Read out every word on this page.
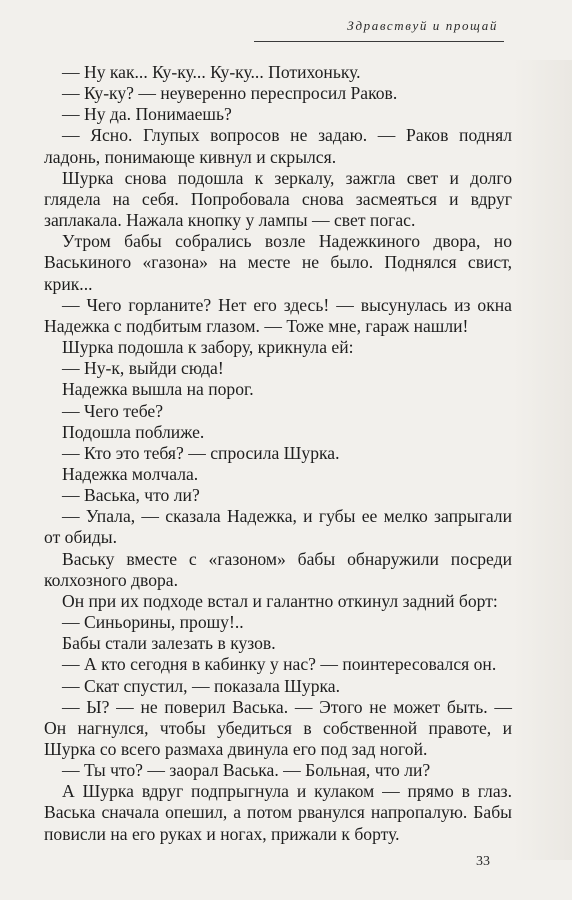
Здравствуй и прощай

— Ну как... Ку-ку... Ку-ку... Потихоньку.

— Ку-ку? — неуверенно переспросил Раков.

— Ну да. Понимаешь?

— Ясно. Глупых вопросов не задаю. — Раков поднял ладонь, понимающе кивнул и скрылся.

Шурка снова подошла к зеркалу, зажгла свет и долго глядела на себя. Попробовала снова засмеяться и вдруг заплакала. Нажала кнопку у лампы — свет погас.

Утром бабы собрались возле Надежкиного двора, но Васькиного «газона» на месте не было. Поднялся свист, крик...

— Чего горланите? Нет его здесь! — высунулась из окна Надежка с подбитым глазом. — Тоже мне, гараж нашли!

Шурка подошла к забору, крикнула ей:

— Ну-к, выйди сюда!

Надежка вышла на порог.

— Чего тебе?

Подошла поближе.

— Кто это тебя? — спросила Шурка.

Надежка молчала.

— Васька, что ли?

— Упала, — сказала Надежка, и губы ее мелко запрыгали от обиды.

Ваську вместе с «газоном» бабы обнаружили посреди колхозного двора.

Он при их подходе встал и галантно откинул задний борт:

— Синьорины, прошу!..

Бабы стали залезать в кузов.

— А кто сегодня в кабинку у нас? — поинтересовался он.

— Скат спустил, — показала Шурка.

— Ы? — не поверил Васька. — Этого не может быть. — Он нагнулся, чтобы убедиться в собственной правоте, и Шурка со всего размаха двинула его под зад ногой.

— Ты что? — заорал Васька. — Больная, что ли?

А Шурка вдруг подпрыгнула и кулаком — прямо в глаз. Васька сначала опешил, а потом рванулся напропалую. Бабы повисли на его руках и ногах, прижали к борту.

33
